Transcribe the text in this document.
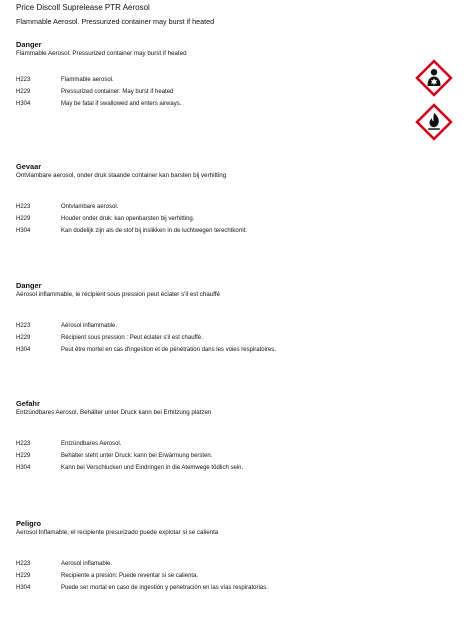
Price Discoll Suprelease PTR Aerosol
Flammable Aerosol. Pressurized container may burst if heated
Danger
Flammable Aerosol. Pressurized container may burst if heated
H223	Flammable aerosol.
H229	Pressurized container: May burst if heated
H304	May be fatal if swallowed and enters airways.
Gevaar
Ontvlambare aerosol, onder druk staande container kan barsten bij verhitting
H223	Ontvlambare aerosol.
H229	Houder onder druk: kan openbarsten bij verhitting.
H304	Kan dodelijk zijn als de stof bij inslikken in de luchtwegen terechtkomt.
Danger
Aérosol inflammable, le récipient sous pression peut éclater s'il est chauffé
H223	Aérosol inflammable.
H229	Récipient sous pression : Peut éclater s'il est chauffé.
H304	Peut être mortel en cas d'ingestion et de pénétration dans les voies respiratoires.
Gefahr
Entzündbares Aerosol, Behälter unter Druck kann bei Erhitzung platzen
H223	Entzündbares Aerosol.
H229	Behälter steht unter Druck: kann bei Erwärmung bersten.
H304	Kann bei Verschlucken und Eindringen in die Atemwege tödlich sein.
Peligro
Aerosol Inflamable, el recipiente presurizado puede explotar si se calienta
H223	Aerosol inflamable.
H229	Recipiente a presión: Puede reventar si se calienta.
H304	Puede ser mortal en caso de ingestión y penetración en las vías respiratorias.
